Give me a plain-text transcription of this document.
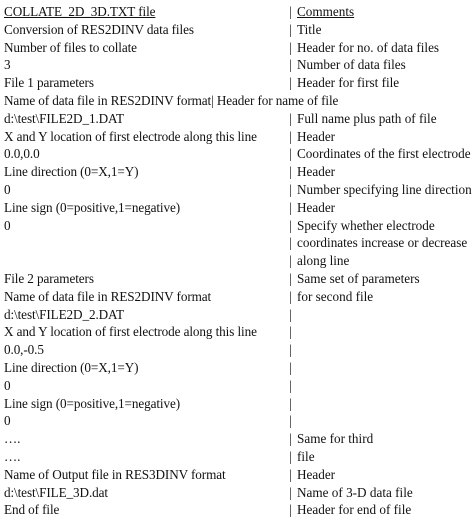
COLLATE_2D_3D.TXT file	| Comments
Conversion of RES2DINV data files	| Title
Number of files to collate	| Header for no. of data files
3	| Number of data files
File 1 parameters	| Header for first file
Name of data file in RES2DINV format| Header for name of file
d:\test\FILE2D_1.DAT	| Full name plus path of file
X and Y location of first electrode along this line | Header
0.0,0.0	| Coordinates of the first electrode
Line direction (0=X,1=Y)	| Header
0	| Number specifying line direction
Line sign (0=positive,1=negative)	| Header
0	| Specify whether electrode
| coordinates increase or decrease
| along line
File 2 parameters	| Same set of parameters
Name of data file in RES2DINV format	| for second file
d:\test\FILE2D_2.DAT	|
X and Y location of first electrode along this line |
0.0,-0.5	|
Line direction (0=X,1=Y)	|
0	|
Line sign (0=positive,1=negative)	|
0	|
….	| Same for third
….	| file
Name of Output file in RES3DINV format	| Header
d:\test\FILE_3D.dat	| Name of 3-D data file
End of file	| Header for end of file
